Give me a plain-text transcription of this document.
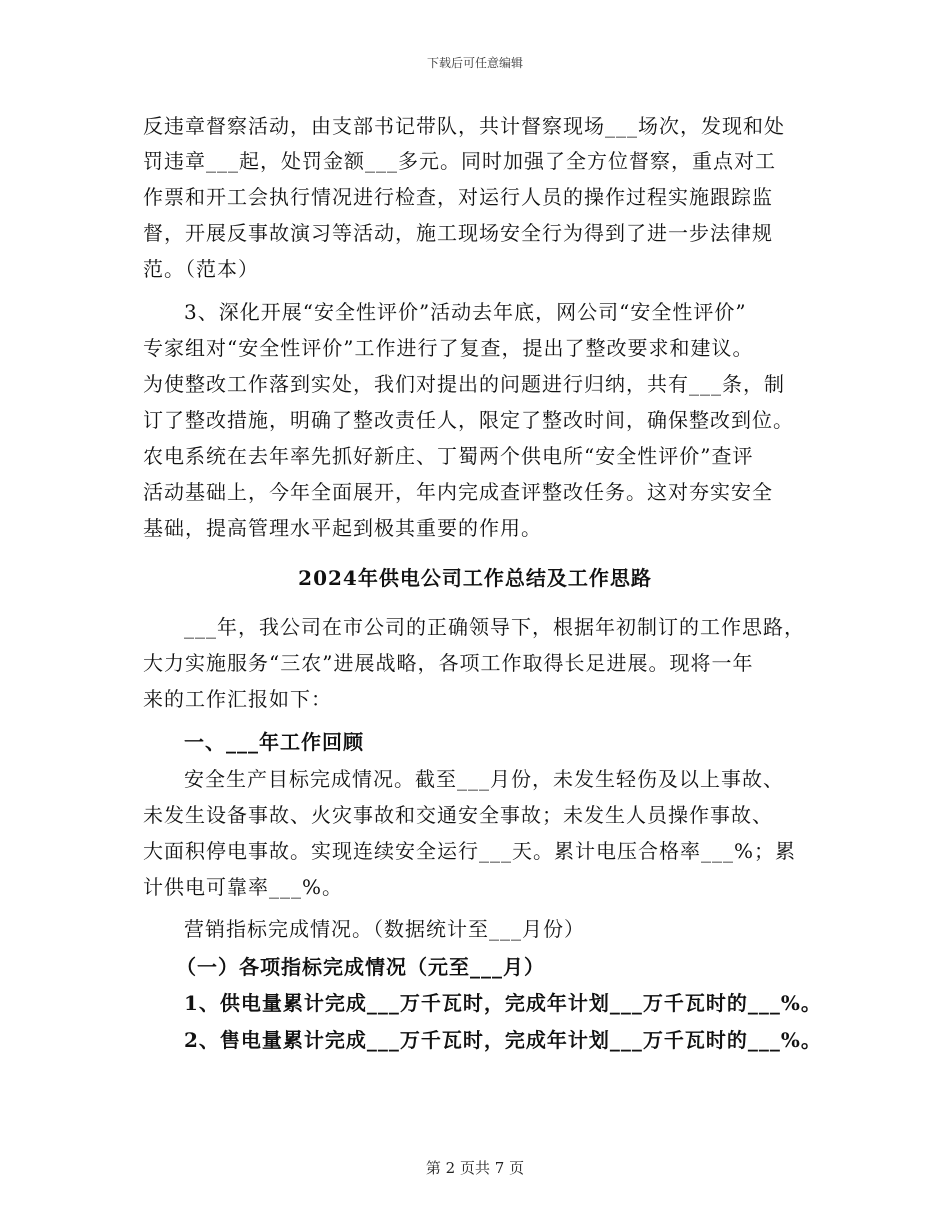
下载后可任意编辑
反违章督察活动，由支部书记带队，共计督察现场___场次，发现和处
罚违章___起，处罚金额___多元。同时加强了全方位督察，重点对工
作票和开工会执行情况进行检查，对运行人员的操作过程实施跟踪监
督，开展反事故演习等活动，施工现场安全行为得到了进一步法律规
范。（范本）
3、深化开展“安全性评价”活动去年底，网公司“安全性评价”
专家组对“安全性评价”工作进行了复查，提出了整改要求和建议。
为使整改工作落到实处，我们对提出的问题进行归纳，共有___条，制
订了整改措施，明确了整改责任人，限定了整改时间，确保整改到位。
农电系统在去年率先抓好新庄、丁蜀两个供电所“安全性评价”查评
活动基础上，今年全面展开，年内完成查评整改任务。这对夯实安全
基础，提高管理水平起到极其重要的作用。
2024年供电公司工作总结及工作思路
___年，我公司在市公司的正确领导下，根据年初制订的工作思路，
大力实施服务“三农”进展战略，各项工作取得长足进展。现将一年
来的工作汇报如下：
一、___年工作回顾
安全生产目标完成情况。截至___月份，未发生轻伤及以上事故、
未发生设备事故、火灾事故和交通安全事故；未发生人员操作事故、
大面积停电事故。实现连续安全运行___天。累计电压合格率___%；累
计供电可靠率___%。
营销指标完成情况。（数据统计至___月份）
（一）各项指标完成情况（元至___月）
1、供电量累计完成___万千瓦时，完成年计划___万千瓦时的___%。
2、售电量累计完成___万千瓦时，完成年计划___万千瓦时的___%。
第 2 页共 7 页
